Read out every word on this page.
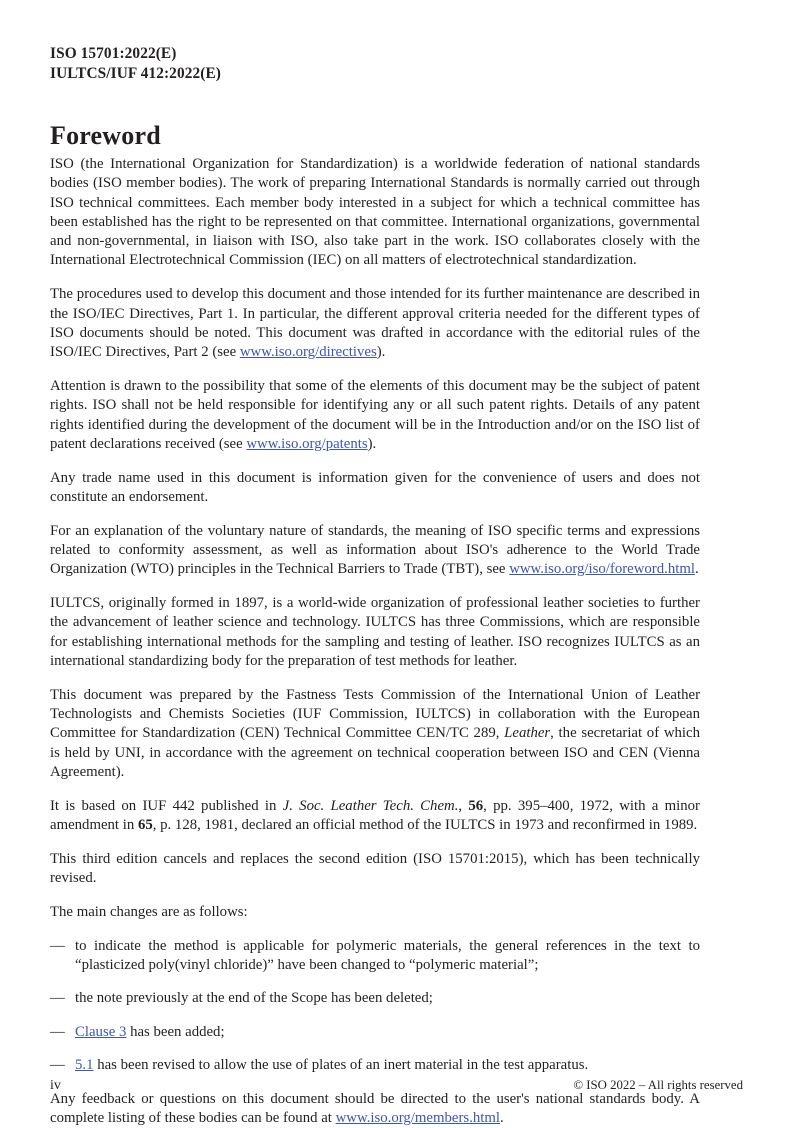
ISO 15701:2022(E)
IULTCS/IUF 412:2022(E)
Foreword

ISO (the International Organization for Standardization) is a worldwide federation of national standards bodies (ISO member bodies). The work of preparing International Standards is normally carried out through ISO technical committees. Each member body interested in a subject for which a technical committee has been established has the right to be represented on that committee. International organizations, governmental and non-governmental, in liaison with ISO, also take part in the work. ISO collaborates closely with the International Electrotechnical Commission (IEC) on all matters of electrotechnical standardization.

The procedures used to develop this document and those intended for its further maintenance are described in the ISO/IEC Directives, Part 1. In particular, the different approval criteria needed for the different types of ISO documents should be noted. This document was drafted in accordance with the editorial rules of the ISO/IEC Directives, Part 2 (see www.iso.org/directives).

Attention is drawn to the possibility that some of the elements of this document may be the subject of patent rights. ISO shall not be held responsible for identifying any or all such patent rights. Details of any patent rights identified during the development of the document will be in the Introduction and/or on the ISO list of patent declarations received (see www.iso.org/patents).

Any trade name used in this document is information given for the convenience of users and does not constitute an endorsement.

For an explanation of the voluntary nature of standards, the meaning of ISO specific terms and expressions related to conformity assessment, as well as information about ISO's adherence to the World Trade Organization (WTO) principles in the Technical Barriers to Trade (TBT), see www.iso.org/iso/foreword.html.

IULTCS, originally formed in 1897, is a world-wide organization of professional leather societies to further the advancement of leather science and technology. IULTCS has three Commissions, which are responsible for establishing international methods for the sampling and testing of leather. ISO recognizes IULTCS as an international standardizing body for the preparation of test methods for leather.

This document was prepared by the Fastness Tests Commission of the International Union of Leather Technologists and Chemists Societies (IUF Commission, IULTCS) in collaboration with the European Committee for Standardization (CEN) Technical Committee CEN/TC 289, Leather, the secretariat of which is held by UNI, in accordance with the agreement on technical cooperation between ISO and CEN (Vienna Agreement).

It is based on IUF 442 published in J. Soc. Leather Tech. Chem., 56, pp. 395–400, 1972, with a minor amendment in 65, p. 128, 1981, declared an official method of the IULTCS in 1973 and reconfirmed in 1989.

This third edition cancels and replaces the second edition (ISO 15701:2015), which has been technically revised.

The main changes are as follows:

— to indicate the method is applicable for polymeric materials, the general references in the text to “plasticized poly(vinyl chloride)” have been changed to “polymeric material”;
— the note previously at the end of the Scope has been deleted;
— Clause 3 has been added;
— 5.1 has been revised to allow the use of plates of an inert material in the test apparatus.

Any feedback or questions on this document should be directed to the user's national standards body. A complete listing of these bodies can be found at www.iso.org/members.html.

iv	© ISO 2022 – All rights reserved
